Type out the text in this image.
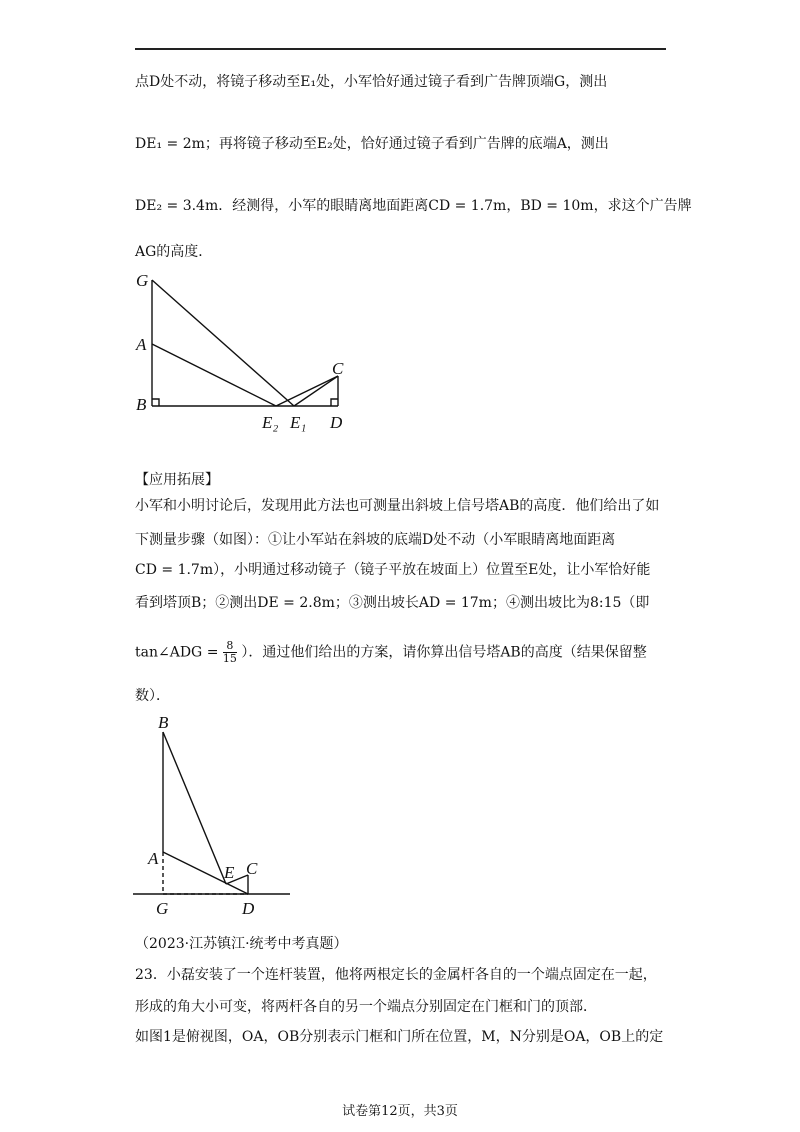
点D处不动，将镜子移动至E₁处，小军恰好通过镜子看到广告牌顶端G，测出
DE₁ = 2m；再将镜子移动至E₂处，恰好通过镜子看到广告牌的底端A，测出
DE₂ = 3.4m．经测得，小军的眼睛离地面距离CD = 1.7m，BD = 10m，求这个广告牌
AG的高度．
G
A
B
E₂ E₁
C
D
【应用拓展】
小军和小明讨论后，发现用此方法也可测量出斜坡上信号塔AB的高度．他们给出了如
下测量步骤（如图）：①让小军站在斜坡的底端D处不动（小军眼睛离地面距离
CD = 1.7m），小明通过移动镜子（镜子平放在坡面上）位置至E处，让小军恰好能
看到塔顶B；②测出DE = 2.8m；③测出坡长AD = 17m；④测出坡比为8:15（即
tan∠ADG = $\frac{8}{15}$ ）．通过他们给出的方案，请你算出信号塔AB的高度（结果保留整
数）．
B
A
E C
G	D
（2023·江苏镇江·统考中考真题）
23．小磊安装了一个连杆装置，他将两根定长的金属杆各自的一个端点固定在一起，
形成的角大小可变，将两杆各自的另一个端点分别固定在门框和门的顶部．
如图1是俯视图，OA，OB分别表示门框和门所在位置，M，N分别是OA，OB上的定
试卷第12页，共3页
